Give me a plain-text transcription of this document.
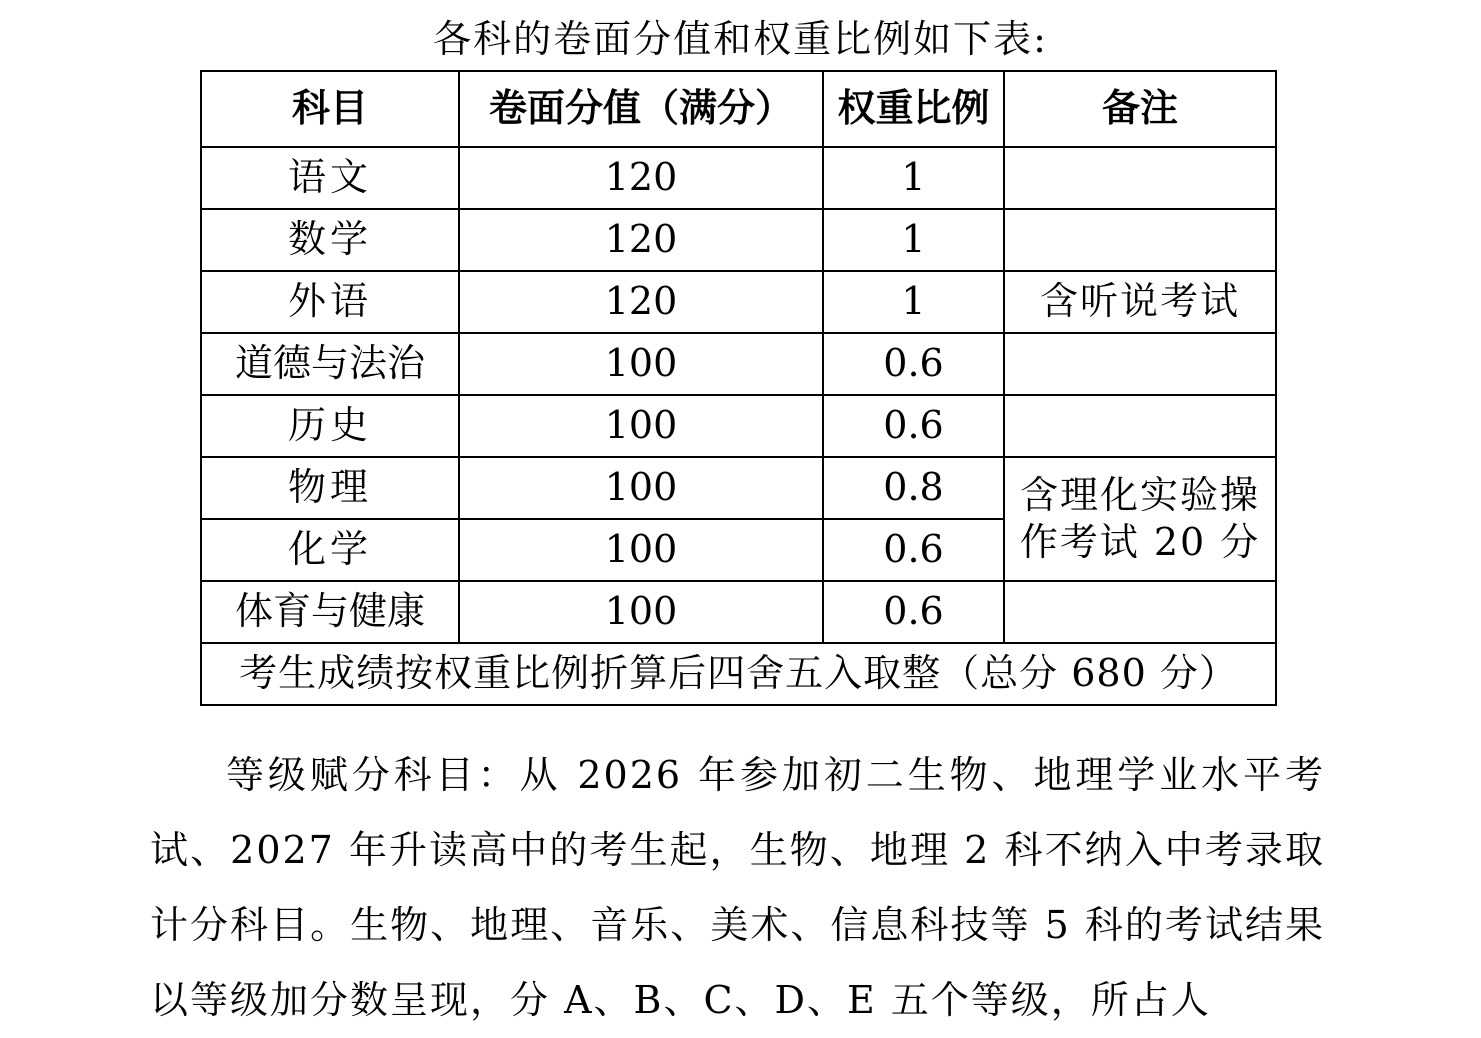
各科的卷面分值和权重比例如下表:
科目	卷面分值（满分）	权重比例	备注
语文	120	1	
数学	120	1	
外语	120	1	含听说考试
道德与法治	100	0.6	
历史	100	0.6	
物理	100	0.8	含理化实验操作考试 20 分
化学	100	0.6	
体育与健康	100	0.6	
考生成绩按权重比例折算后四舍五入取整（总分 680 分）			

等级赋分科目：从 2026 年参加初二生物、地理学业水平考试、2027 年升读高中的考生起，生物、地理 2 科不纳入中考录取计分科目。生物、地理、音乐、美术、信息科技等 5 科的考试结果以等级加分数呈现，分 A、B、C、D、E 五个等级，所占人
